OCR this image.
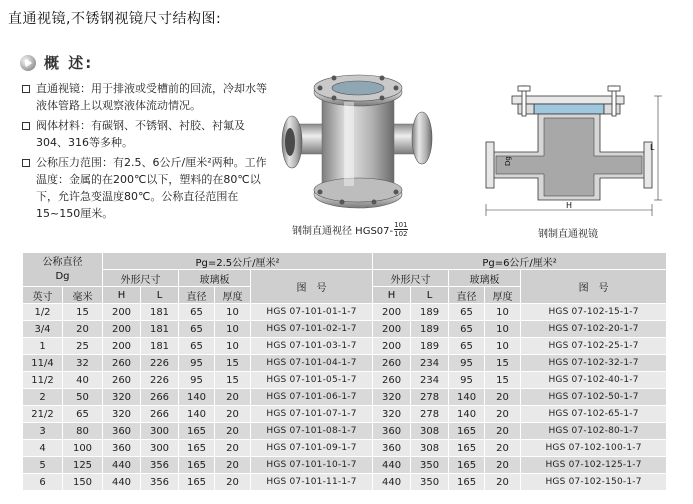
直通视镜,不锈钢视镜尺寸结构图:
概 述:
直通视镜：用于排液或受槽前的回流，冷却水等液体管路上以观察液体流动情况。
阀体材料：有碳钢、不锈钢、衬胶、衬氟及304、316等多种。
公称压力范围：有2.5、6公斤/厘米²两种。工作温度：金属的在200℃以下，塑料的在80℃以下，允许急变温度80℃。公称直径范围在15~150厘米。
钢制直通视径 $HGS07- \frac{101}{102}$
H
L
Dg
钢制直通视镜
公称直径
Dg		Pg=2.5公斤/厘米²					Pg=6公斤/厘米²				
		外形尺寸		玻璃板		图　号	外形尺寸		玻璃板		图　号
英寸	毫米	H	L	直径	厚度		H	L	直径	厚度	
1/2	15	200	181	65	10	HGS 07-101-01-1-7	200	189	65	10	HGS 07-102-15-1-7
3/4	20	200	181	65	10	HGS 07-101-02-1-7	200	189	65	10	HGS 07-102-20-1-7
1	25	200	181	65	10	HGS 07-101-03-1-7	200	189	65	10	HGS 07-102-25-1-7
11/4	32	260	226	95	15	HGS 07-101-04-1-7	260	234	95	15	HGS 07-102-32-1-7
11/2	40	260	226	95	15	HGS 07-101-05-1-7	260	234	95	15	HGS 07-102-40-1-7
2	50	320	266	140	20	HGS 07-101-06-1-7	320	278	140	20	HGS 07-102-50-1-7
21/2	65	320	266	140	20	HGS 07-101-07-1-7	320	278	140	20	HGS 07-102-65-1-7
3	80	360	300	165	20	HGS 07-101-08-1-7	360	308	165	20	HGS 07-102-80-1-7
4	100	360	300	165	20	HGS 07-101-09-1-7	360	308	165	20	HGS 07-102-100-1-7
5	125	440	356	165	20	HGS 07-101-10-1-7	440	350	165	20	HGS 07-102-125-1-7
6	150	440	356	165	20	HGS 07-101-11-1-7	440	350	165	20	HGS 07-102-150-1-7
